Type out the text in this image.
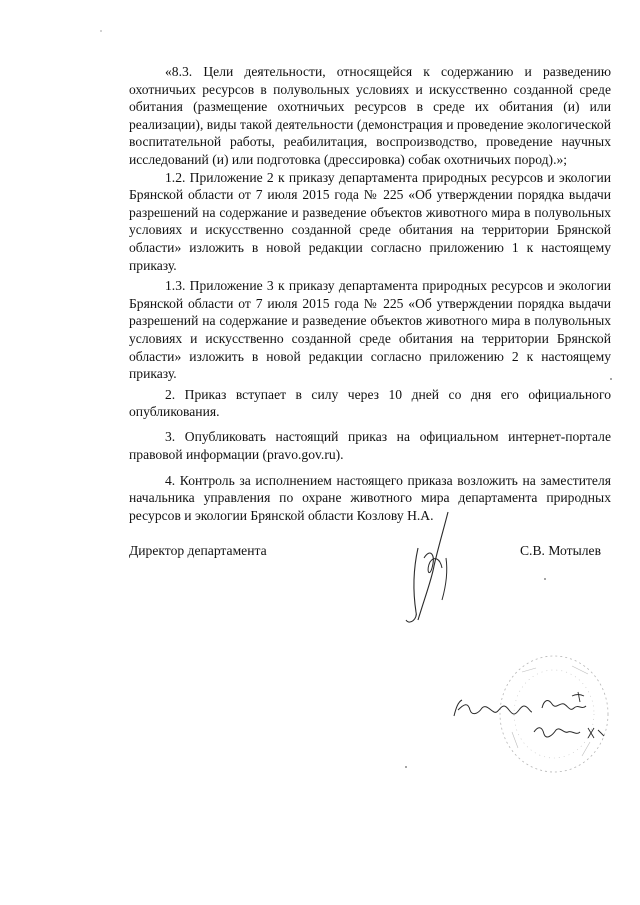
«8.3. Цели деятельности, относящейся к содержанию и разведению охотничьих ресурсов в полувольных условиях и искусственно созданной среде обитания (размещение охотничьих ресурсов в среде их обитания (и) или реализации), виды такой деятельности (демонстрация и проведение экологической воспитательной работы, реабилитация, воспроизводство, проведение научных исследований (и) или подготовка (дрессировка) собак охотничьих пород).»;

1.2. Приложение 2 к приказу департамента природных ресурсов и экологии Брянской области от 7 июля 2015 года № 225 «Об утверждении порядка выдачи разрешений на содержание и разведение объектов животного мира в полувольных условиях и искусственно созданной среде обитания на территории Брянской области» изложить в новой редакции согласно приложению 1 к настоящему приказу.

1.3. Приложение 3 к приказу департамента природных ресурсов и экологии Брянской области от 7 июля 2015 года № 225 «Об утверждении порядка выдачи разрешений на содержание и разведение объектов животного мира в полувольных условиях и искусственно созданной среде обитания на территории Брянской области» изложить в новой редакции согласно приложению 2 к настоящему приказу.

2. Приказ вступает в силу через 10 дней со дня его официального опубликования.

3. Опубликовать настоящий приказ на официальном интернет-портале правовой информации (pravo.gov.ru).

4. Контроль за исполнением настоящего приказа возложить на заместителя начальника управления по охране животного мира департамента природных ресурсов и экологии Брянской области Козлову Н.А.

Директор департамента	С.В. Мотылев
